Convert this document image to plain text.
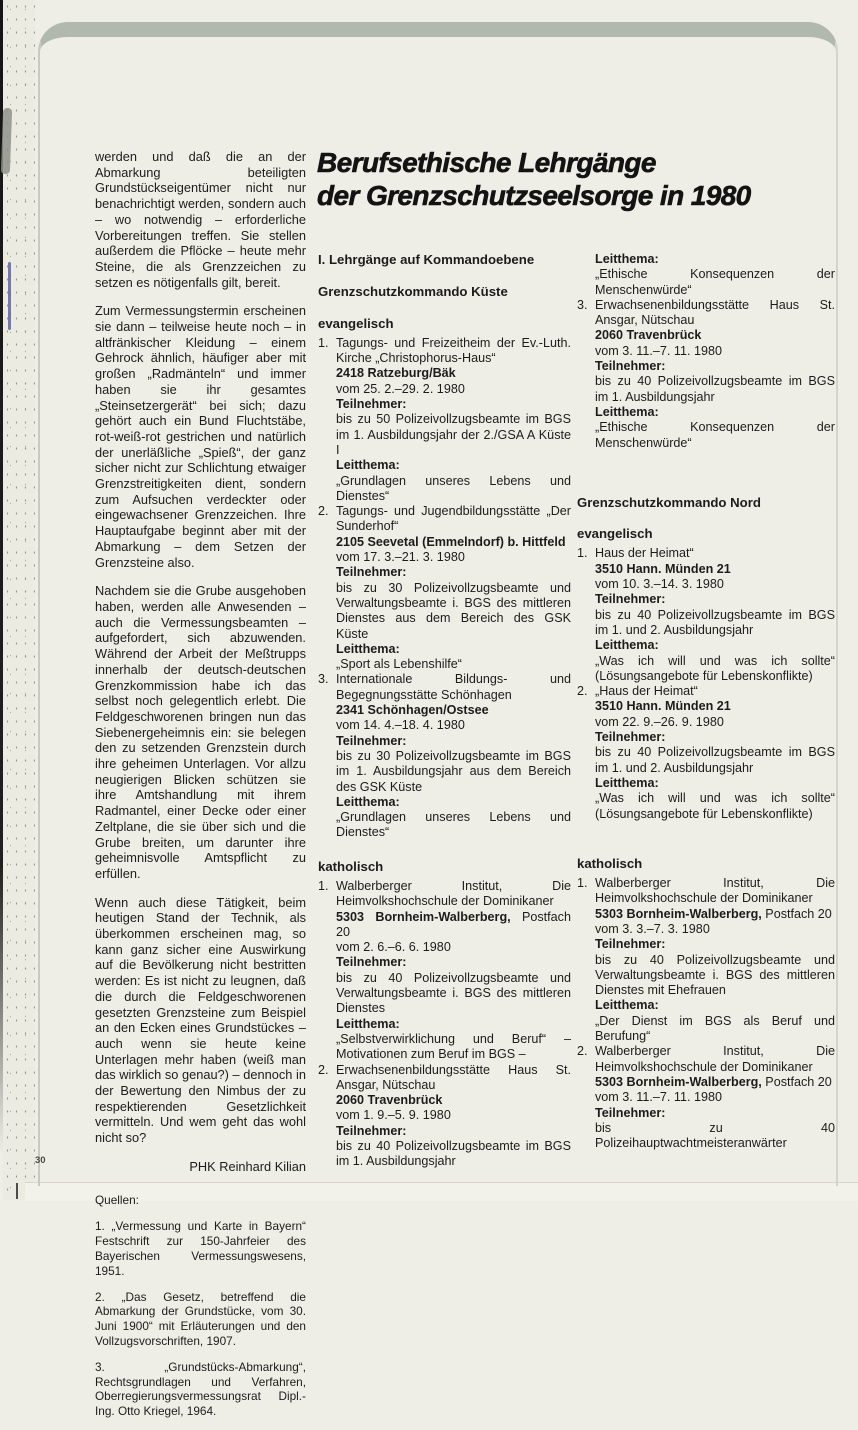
werden und daß die an der Abmarkung beteiligten Grundstückseigentümer nicht nur benachrichtigt werden, sondern auch – wo notwendig – erforderliche Vorbereitungen treffen. Sie stellen außerdem die Pflöcke – heute mehr Steine, die als Grenzzeichen zu setzen es nötigenfalls gilt, bereit.

Zum Vermessungstermin erscheinen sie dann – teilweise heute noch – in altfränkischer Kleidung – einem Gehrock ähnlich, häufiger aber mit großen „Radmänteln“ und immer haben sie ihr gesamtes „Steinsetzergerät“ bei sich; dazu gehört auch ein Bund Fluchtstäbe, rot-weiß-rot gestrichen und natürlich der unerläßliche „Spieß“, der ganz sicher nicht zur Schlichtung etwaiger Grenzstreitigkeiten dient, sondern zum Aufsuchen verdeckter oder eingewachsener Grenzzeichen. Ihre Hauptaufgabe beginnt aber mit der Abmarkung – dem Setzen der Grenzsteine also.

Nachdem sie die Grube ausgehoben haben, werden alle Anwesenden – auch die Vermessungsbeamten – aufgefordert, sich abzuwenden. Während der Arbeit der Meßtrupps innerhalb der deutsch-deutschen Grenzkommission habe ich das selbst noch gelegentlich erlebt. Die Feldgeschworenen bringen nun das Siebenergeheimnis ein: sie belegen den zu setzenden Grenzstein durch ihre geheimen Unterlagen. Vor allzu neugierigen Blicken schützen sie ihre Amtshandlung mit ihrem Radmantel, einer Decke oder einer Zeltplane, die sie über sich und die Grube breiten, um darunter ihre geheimnisvolle Amtspflicht zu erfüllen.

Wenn auch diese Tätigkeit, beim heutigen Stand der Technik, als überkommen erscheinen mag, so kann ganz sicher eine Auswirkung auf die Bevölkerung nicht bestritten werden: Es ist nicht zu leugnen, daß die durch die Feldgeschworenen gesetzten Grenzsteine zum Beispiel an den Ecken eines Grundstückes – auch wenn sie heute keine Unterlagen mehr haben (weiß man das wirklich so genau?) – dennoch in der Bewertung den Nimbus der zu respektierenden Gesetzlichkeit vermitteln. Und wem geht das wohl nicht so?

PHK Reinhard Kilian

Quellen:

1. „Vermessung und Karte in Bayern“ Festschrift zur 150-Jahrfeier des Bayerischen Vermessungswesens, 1951.

2. „Das Gesetz, betreffend die Abmarkung der Grundstücke, vom 30. Juni 1900“ mit Erläuterungen und den Vollzugsvorschriften, 1907.

3. „Grundstücks-Abmarkung“, Rechtsgrundlagen und Verfahren, Oberregierungsvermessungsrat Dipl.-Ing. Otto Kriegel, 1964.

Berufsethische Lehrgänge
der Grenzschutzseelsorge in 1980
I. Lehrgänge auf Kommandoebene
Grenzschutzkommando Küste
evangelisch
1. Tagungs- und Freizeitheim der Ev.-Luth. Kirche „Christophorus-Haus“
2418 Ratzeburg/Bäk
vom 25. 2.–29. 2. 1980
Teilnehmer:
bis zu 50 Polizeivollzugsbeamte im BGS im 1. Ausbildungsjahr der 2./GSA A Küste I
Leitthema:
„Grundlagen unseres Lebens und Dienstes“
2. Tagungs- und Jugendbildungsstätte „Der Sunderhof“
2105 Seevetal (Emmelndorf) b. Hittfeld
vom 17. 3.–21. 3. 1980
Teilnehmer:
bis zu 30 Polizeivollzugsbeamte und Verwaltungsbeamte i. BGS des mittleren Dienstes aus dem Bereich des GSK Küste
Leitthema:
„Sport als Lebenshilfe“
3. Internationale Bildungs- und Begegnungsstätte Schönhagen
2341 Schönhagen/Ostsee
vom 14. 4.–18. 4. 1980
Teilnehmer:
bis zu 30 Polizeivollzugsbeamte im BGS im 1. Ausbildungsjahr aus dem Bereich des GSK Küste
Leitthema:
„Grundlagen unseres Lebens und Dienstes“
katholisch
1. Walberberger Institut, Die Heimvolkshochschule der Dominikaner
5303 Bornheim-Walberberg, Postfach 20
vom 2. 6.–6. 6. 1980
Teilnehmer:
bis zu 40 Polizeivollzugsbeamte und Verwaltungsbeamte i. BGS des mittleren Dienstes
Leitthema:
„Selbstverwirklichung und Beruf“ – Motivationen zum Beruf im BGS –
2. Erwachsenenbildungsstätte Haus St. Ansgar, Nütschau
2060 Travenbrück
vom 1. 9.–5. 9. 1980
Teilnehmer:
bis zu 40 Polizeivollzugsbeamte im BGS im 1. Ausbildungsjahr
Leitthema:
„Ethische Konsequenzen der Menschenwürde“
3. Erwachsenenbildungsstätte Haus St. Ansgar, Nütschau
2060 Travenbrück
vom 3. 11.–7. 11. 1980
Teilnehmer:
bis zu 40 Polizeivollzugsbeamte im BGS im 1. Ausbildungsjahr
Leitthema:
„Ethische Konsequenzen der Menschenwürde“
Grenzschutzkommando Nord
evangelisch
1. Haus der Heimat“
3510 Hann. Münden 21
vom 10. 3.–14. 3. 1980
Teilnehmer:
bis zu 40 Polizeivollzugsbeamte im BGS im 1. und 2. Ausbildungsjahr
Leitthema:
„Was ich will und was ich sollte“ (Lösungsangebote für Lebenskonflikte)
2. „Haus der Heimat“
3510 Hann. Münden 21
vom 22. 9.–26. 9. 1980
Teilnehmer:
bis zu 40 Polizeivollzugsbeamte im BGS im 1. und 2. Ausbildungsjahr
Leitthema:
„Was ich will und was ich sollte“ (Lösungsangebote für Lebenskonflikte)
katholisch
1. Walberberger Institut, Die Heimvolkshochschule der Dominikaner
5303 Bornheim-Walberberg, Postfach 20
vom 3. 3.–7. 3. 1980
Teilnehmer:
bis zu 40 Polizeivollzugsbeamte und Verwaltungsbeamte i. BGS des mittleren Dienstes mit Ehefrauen
Leitthema:
„Der Dienst im BGS als Beruf und Berufung“
2. Walberberger Institut, Die Heimvolkshochschule der Dominikaner
5303 Bornheim-Walberberg, Postfach 20
vom 3. 11.–7. 11. 1980
Teilnehmer:
bis zu 40 Polizeihauptwachtmeisteranwärter
30
